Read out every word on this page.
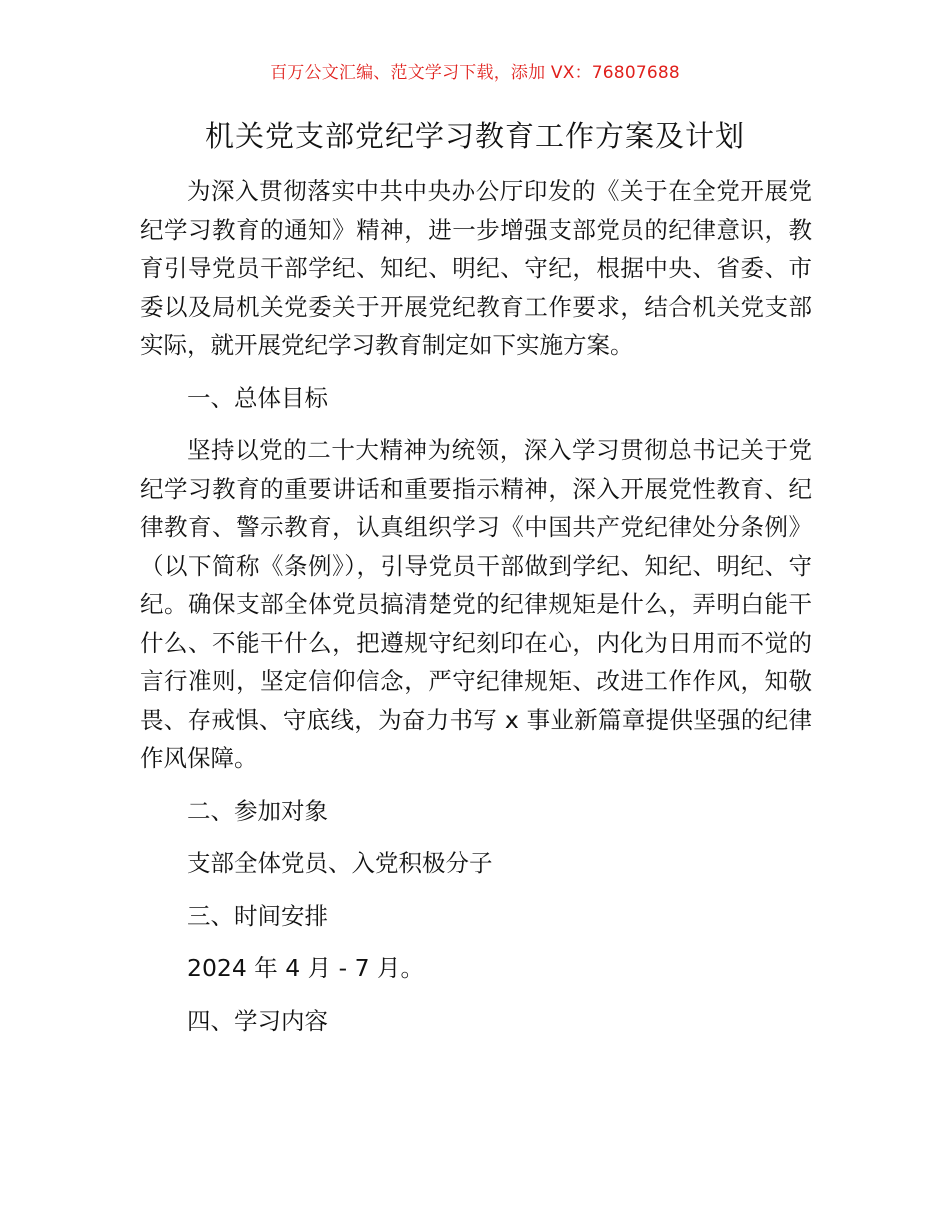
百万公文汇编、范文学习下载，添加 VX：76807688
机关党支部党纪学习教育工作方案及计划

为深入贯彻落实中共中央办公厅印发的《关于在全党开展党纪学习教育的通知》精神，进一步增强支部党员的纪律意识，教育引导党员干部学纪、知纪、明纪、守纪，根据中央、省委、市委以及局机关党委关于开展党纪教育工作要求，结合机关党支部实际，就开展党纪学习教育制定如下实施方案。

一、总体目标

坚持以党的二十大精神为统领，深入学习贯彻总书记关于党纪学习教育的重要讲话和重要指示精神，深入开展党性教育、纪律教育、警示教育，认真组织学习《中国共产党纪律处分条例》（以下简称《条例》），引导党员干部做到学纪、知纪、明纪、守纪。确保支部全体党员搞清楚党的纪律规矩是什么，弄明白能干什么、不能干什么，把遵规守纪刻印在心，内化为日用而不觉的言行准则，坚定信仰信念，严守纪律规矩、改进工作作风，知敬畏、存戒惧、守底线，为奋力书写 x 事业新篇章提供坚强的纪律作风保障。

二、参加对象

支部全体党员、入党积极分子

三、时间安排

2024 年 4 月 - 7 月。

四、学习内容
